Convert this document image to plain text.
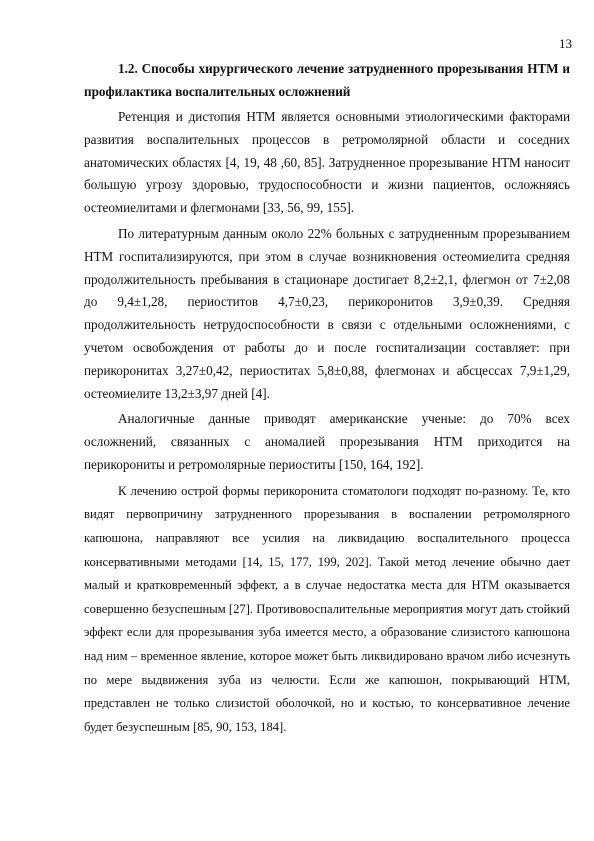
13

1.2. Способы хирургического лечение затрудненного прорезывания НТМ и профилактика воспалительных осложнений

Ретенция и дистопия НТМ является основными этиологическими факторами развития воспалительных процессов в ретромолярной области и соседних анатомических областях [4, 19, 48 ,60, 85]. Затрудненное прорезывание НТМ наносит большую угрозу здоровью, трудоспособности и жизни пациентов, осложняясь остеомиелитами и флегмонами [33, 56, 99, 155].

По литературным данным около 22% больных с затрудненным прорезыванием НТМ госпитализируются, при этом в случае возникновения остеомиелита средняя продолжительность пребывания в стационаре достигает 8,2±2,1, флегмон от 7±2,08 до 9,4±1,28, периоститов 4,7±0,23, перикоронитов 3,9±0,39. Средняя продолжительность нетрудоспособности в связи с отдельными осложнениями, с учетом освобождения от работы до и после госпитализации составляет: при перикоронитах 3,27±0,42, периоститах 5,8±0,88, флегмонах и абсцессах 7,9±1,29, остеомиелите 13,2±3,97 дней [4].

Аналогичные данные приводят американские ученые: до 70% всех осложнений, связанных с аномалией прорезывания НТМ приходится на перикорониты и ретромолярные периоститы [150, 164, 192].

К лечению острой формы перикоронита стоматологи подходят по-разному. Те, кто видят первопричину затрудненного прорезывания в воспалении ретромолярного капюшона, направляют все усилия на ликвидацию воспалительного процесса консервативными методами [14, 15, 177, 199, 202]. Такой метод лечение обычно дает малый и кратковременный эффект, а в случае недостатка места для НТМ оказывается совершенно безуспешным [27]. Противовоспалительные мероприятия могут дать стойкий эффект если для прорезывания зуба имеется место, а образование слизистого капюшона над ним – временное явление, которое может быть ликвидировано врачом либо исчезнуть по мере выдвижения зуба из челюсти. Если же капюшон, покрывающий НТМ, представлен не только слизистой оболочкой, но и костью, то консервативное лечение будет безуспешным [85, 90, 153, 184].
